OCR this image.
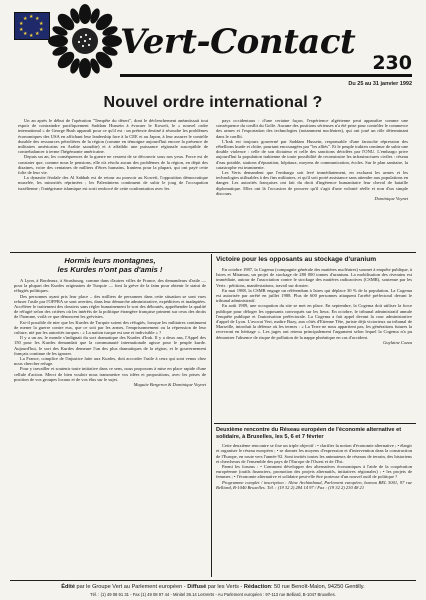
★ ★
★
★
★
★
★
★
★
★
Vert-Contact
230
Du 25 au 31 janvier 1992
Nouvel ordre international ?

Un an après le début de l'opération "Tempête du désert", dont le déclenchement anéantissait tout espoir de contraindre pacifiquement Saddam Hussein à évacuer le Koweït, le « nouvel ordre international » de George Bush apparaît pour ce qu'il est : un prétexte destiné à résoudre les problèmes économiques des USA en affichant leur leadership face à la CEE et au Japon, à leur assurer le contrôle durable des ressources pétrolières de la région (comme en témoigne aujourd'hui encore la présence de militaires américains en Arabie saoudite) et à affaiblir une puissance régionale susceptible de contrebalancer à terme l'hégémonie américaine.

Depuis un an, les conséquences de la guerre ne cessent de se découvrir sous nos yeux. Force est de constater que, comme nous le pensions, elle n'a résolu aucun des problèmes de la région, en dépit des dizaines, voire des centaines de milliers d'êtres humains, Iraniens pour la plupart, qui ont payé cette folie de leur vie.

La dynastie féodale des Al Sabbah est de retour au pouvoir au Koweït, l'opposition démocratique muselée, les minorités réprimées ; les Palestiniens continuent de subir le joug de l'occupation israélienne ; l'intégrisme islamique est sorti renforcé de cette confrontation avec les

pays occidentaux : d'une certaine façon, l'expérience algérienne peut apparaître comme une conséquence du conflit du Golfe. Aucune des positions sérieuses n'a été prise pour contrôler le commerce des armes et l'exportation des technologies (notamment nucléaires), qui ont joué un rôle déterminant dans le conflit.

L'Irak est toujours gouverné par Saddam Hussein, responsable d'une farouche répression des rébellions kurde et chiite, pourtant encouragées par "les alliés". Et le peuple irakien continue de subir une double violence : celle de son dictateur et celle des sanctions décidées par l'ONU. L'embargo prive aujourd'hui la population irakienne de toute possibilité de reconstruire les infrastructures civiles : réseau d'eau potable, stations d'épuration, hôpitaux, moyens de communication, écoles. Sur le plan sanitaire, la catastrophe est imminente.

Les Verts demandent que l'embargo soit levé immédiatement, en excluant les armes et les technologies utilisables à des fins militaires, et qu'il soit porté assistance sans attendre aux populations en danger. Les autorités françaises ont fait du droit d'ingérence humanitaire leur cheval de bataille diplomatique. Elles ont là l'occasion de prouver qu'il s'agit d'une volonté réelle et non d'un simple discours.

Dominique Voynet
Hormis leurs montagnes,
les Kurdes n'ont pas d'amis !

A Lyon, à Bordeaux, à Strasbourg, comme dans d'autres villes de France, des demandeurs d'asile — pour la plupart des Kurdes originaires de Turquie — font la grève de la faim pour obtenir le statut de réfugiés politiques.

Des personnes ayant pris leur place – des milliers de personnes dans cette situation se sont vues refuser l'asile par l'OFPRA se sont averties, dans leur démarche administrative, expéditives et inadaptées. Accélérer le traitement des dossiers sans régler humainement le sort des déboutés, appréhender la qualité de réfugié selon des critères où les intérêts de la politique étrangère française priment sur ceux des droits de l'homme, voilà ce que dénoncent les grévistes.

Est-il possible de nier que les Kurdes de Turquie soient des réfugiés, lorsque les militaires continuent de mener la guerre contre eux, que ce soit par les armes, l'emprisonnement ou la répression de leur culture, nié par les autorités turques : « La nation turque est une et indivisible » ?

Il y a un an, le monde s'indignait du sort dramatique des Kurdes d'Irak. Il y a deux ans, l'Appel des 150 pour les Kurdes demandait que la communauté internationale agisse pour le peuple kurde. Aujourd'hui, le sort des Kurdes demeure l'un des plus dramatiques de la région, et le gouvernement français continue de les ignorer.

La France, complice de l'injustice faite aux Kurdes, doit accorder l'asile à ceux qui sont venus chez nous chercher refuge.

Pour y travailler et soutenir toute initiative dans ce sens, nous proposons à mise en place rapide d'une cellule d'action. Merci de bien vouloir nous transmettre vos idées et propositions, avec les prises de position de vos groupes locaux et de vos élus sur le sujet.

Maguite Bergeron & Dominique Voynet
Victoire pour les opposants au stockage d'uranium

En octobre 1987, la Cogema (compagnie générale des matières nucléaires) soumet à enquête publique, à Istres et Miramas, un projet de stockage de 280 000 tonnes d'uranium. La mobilisation des riverains est immédiate, autour de l'association contre le stockage des matières radioactives (CSMR), soutenue par les Verts : pétitions, manifestations, travail sur dossier.

En mai 1988, la CSMR engage un référendum à Istres qui déplace 30 % de la population. La Cogema est autorisée par arrêté en juillet 1988. Plus de 600 personnes attaquent l'arrêté préfectoral devant le tribunal administratif.

En août 1989, une occupation du site se met en place. En septembre, la Cogema doit utiliser la force publique pour déloger les opposants convoqués sur les lieux. En octobre, le tribunal administratif annule l'enquête publique et l'autorisation préfectorale. La Cogema a fait appel devant la cour administrative d'appel de Lyon. L'avocat Vert, maître Bazy, aux côtés d'Etienne Tête, juriste déjà victorieux au tribunal de Marseille, introduit la défense où les termes : « La Terre ne nous appartient pas, les générations futures la recevront en héritage ». Les juges ont retenu principalement l'argument selon lequel la Cogema n'a pu démontrer l'absence de risque de pollution de la nappe phréatique en cas d'accident.

Guylaine Cozza
Deuxième rencontre du Réseau européen de l'économie alternative et solidaire, à Bruxelles, les 5, 6 et 7 février

Cette deuxième rencontre se fixe un triple objectif : • clarifier la notion d'économie alternative ; • élargir et organiser le réseau européen ; • se donner les moyens d'expression et d'intervention dans la construction de l'Europe, en route vers l'année 92. Sont invités toutes les animateurs de réseaux de terrain, des historiens et chercheurs de l'ensemble des pays de l'Europe de l'Ouest et de l'Est.

Parmi les forums : • Comment développer des alternatives économiques à l'aide de la coopération européenne (outils financiers, promotion des projets alternatifs, initiatives régionales) ; • les projets de femmes ; • l'économie alternative et solidaire peut-elle être porteuse d'un nouvel outil de politique ?

Programme complet / inscription : Aline Archimbaud, Parlement européen, bureau BEL 3001, 97 rue Belliard, B-1040 Bruxelles. Tél. : (19 32 2) 284 14 97 / Fax : (19 32 2) 230 48 21

Édité par le Groupe Vert au Parlement européen - Diffusé par les Verts - Rédaction: 50 rue Benoît-Malon, 94250 Gentilly.
Tél. : (1) 49 08 91 31 - Fax (1) 49 08 97 44 - Minitel 36.14 LesVerts - Au Parlement européen : 97-113 rue Belliard, B-1047 Bruxelles.
